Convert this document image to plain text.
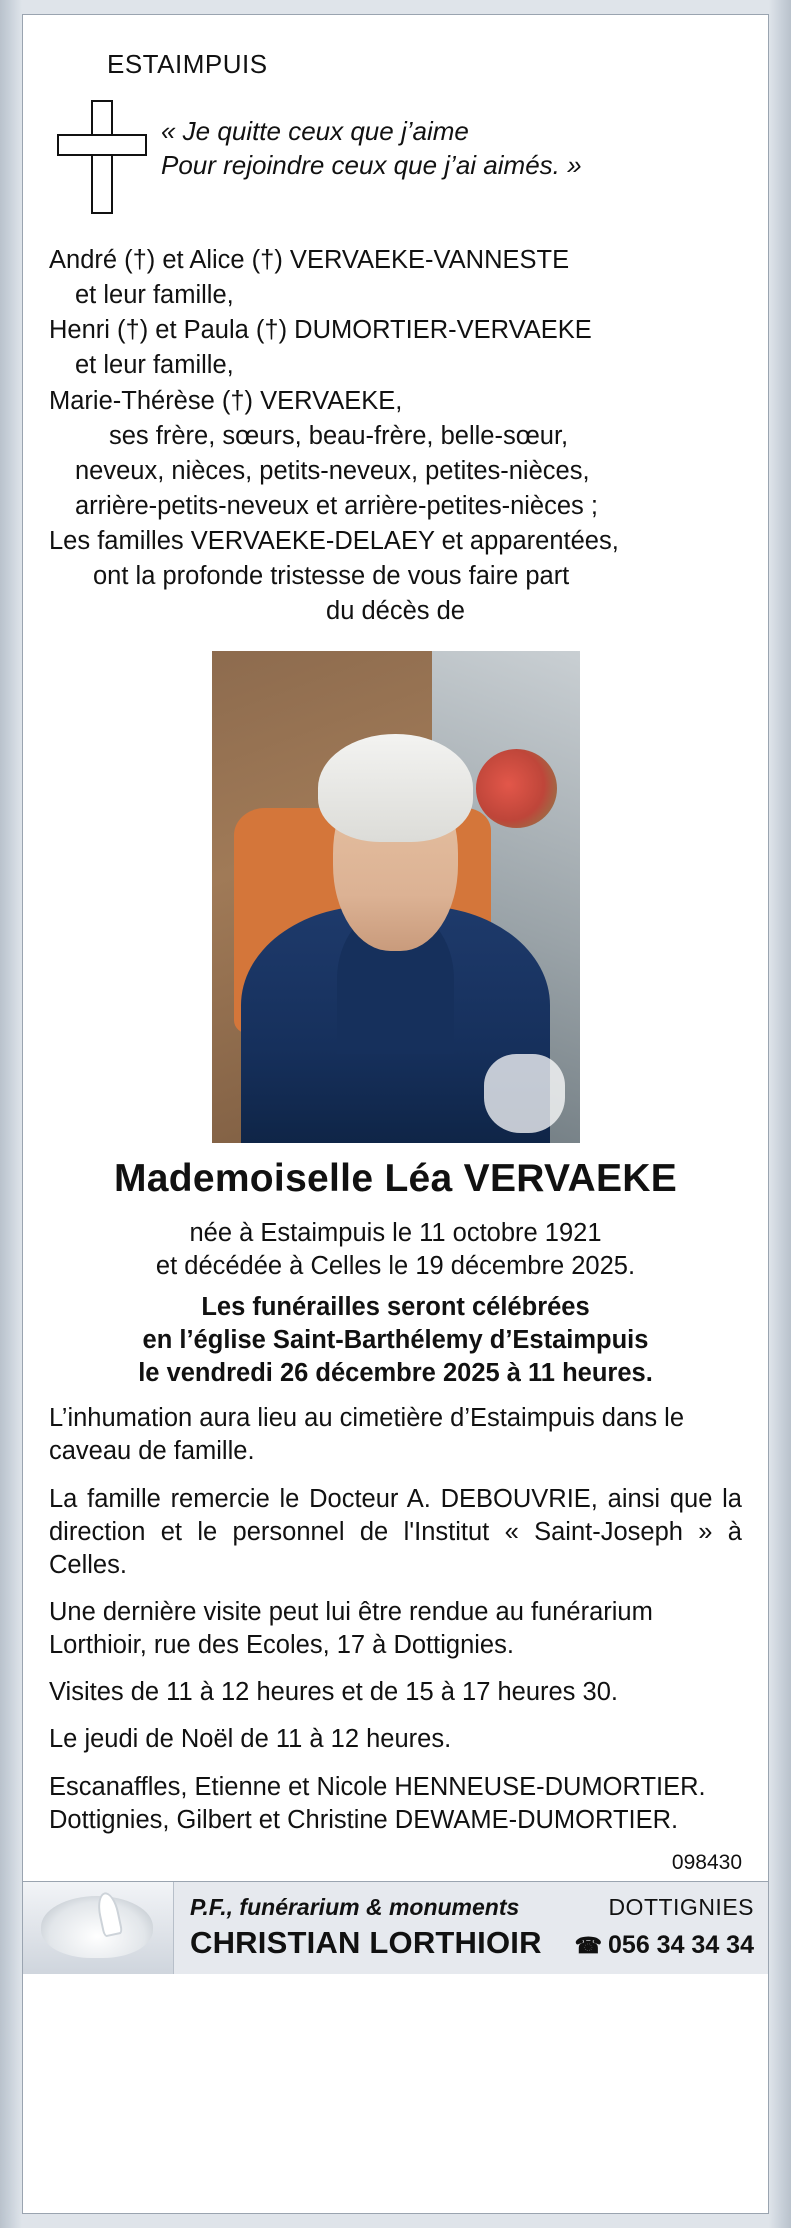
ESTAIMPUIS
« Je quitte ceux que j’aime
Pour rejoindre ceux que j’ai aimés. »

André (†) et Alice (†) VERVAEKE-VANNESTE

et leur famille,

Henri (†) et Paula (†) DUMORTIER-VERVAEKE

et leur famille,

Marie-Thérèse (†) VERVAEKE,

ses frère, sœurs, beau-frère, belle-sœur,

neveux, nièces, petits-neveux, petites-nièces,

arrière-petits-neveux et arrière-petites-nièces ;

Les familles VERVAEKE-DELAEY et apparentées,

ont la profonde tristesse de vous faire part

du décès de

Mademoiselle Léa VERVAEKE
née à Estaimpuis le 11 octobre 1921
et décédée à Celles le 19 décembre 2025.
Les funérailles seront célébrées
en l’église Saint-Barthélemy d’Estaimpuis
le vendredi 26 décembre 2025 à 11 heures.

L’inhumation aura lieu au cimetière d’Estaimpuis dans le caveau de famille.

La famille remercie le Docteur A. DEBOUVRIE, ainsi que la direction et le personnel de l'Institut « Saint-Joseph » à Celles.

Une dernière visite peut lui être rendue au funérarium Lorthioir, rue des Ecoles, 17 à Dottignies.

Visites de 11 à 12 heures et de 15 à 17 heures 30.

Le jeudi de Noël de 11 à 12 heures.

Escanaffles, Etienne et Nicole HENNEUSE-DUMORTIER.

Dottignies, Gilbert et Christine DEWAME-DUMORTIER.

098430
P.F., funérarium & monuments	DOTTIGNIES
CHRISTIAN LORTHIOIR ☎ 056 34 34 34
